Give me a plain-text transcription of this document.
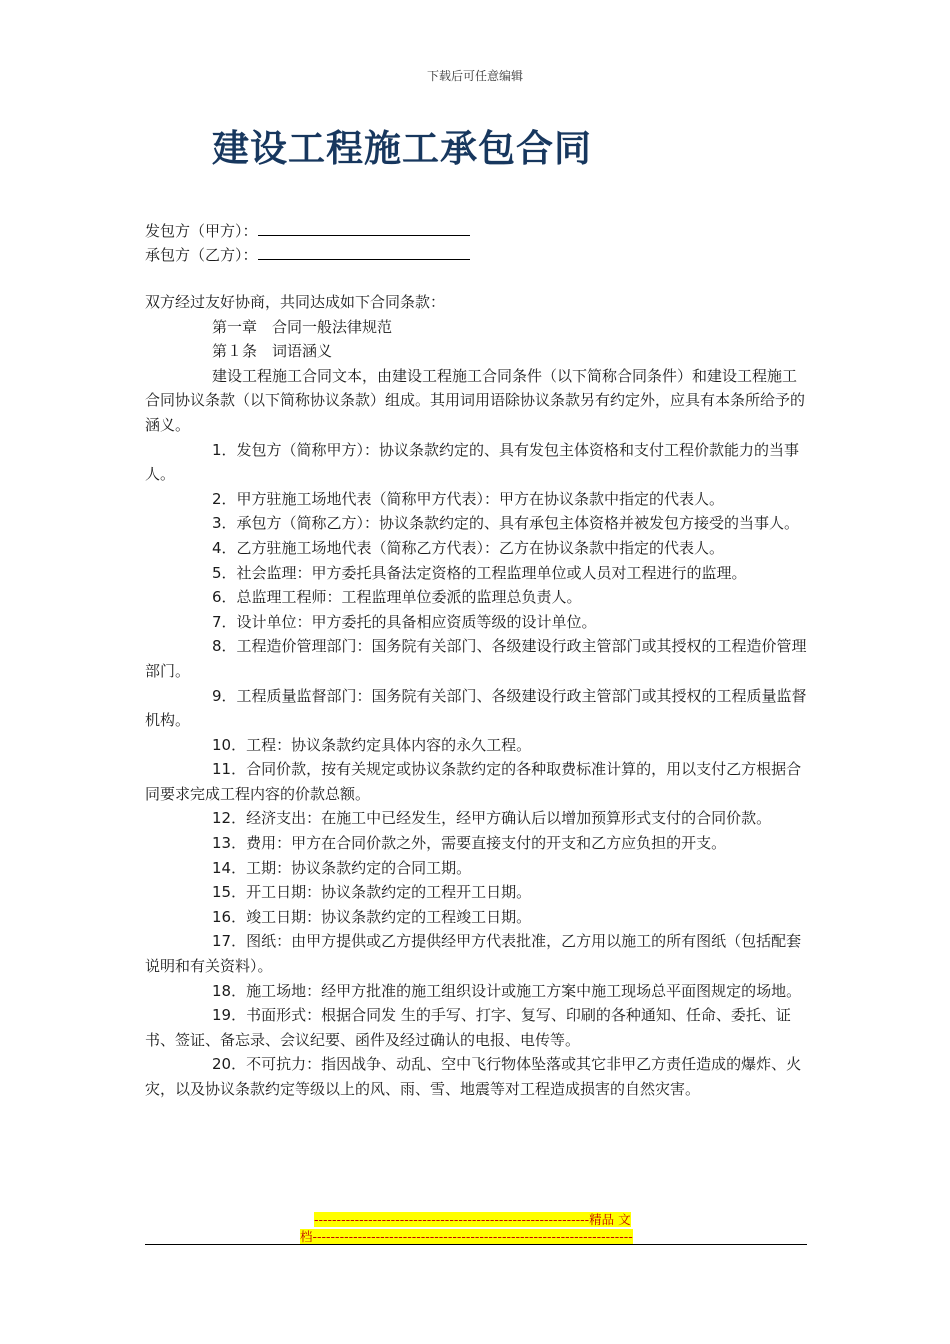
下载后可任意编辑
建设工程施工承包合同
发包方（甲方）：
承包方（乙方）：

双方经过友好协商，共同达成如下合同条款：

第一章　合同一般法律规范

第１条　词语涵义

建设工程施工合同文本，由建设工程施工合同条件（以下简称合同条件）和建设工程施工合同协议条款（以下简称协议条款）组成。其用词用语除协议条款另有约定外，应具有本条所给予的涵义。

1．发包方（简称甲方）：协议条款约定的、具有发包主体资格和支付工程价款能力的当事人。

2．甲方驻施工场地代表（简称甲方代表）：甲方在协议条款中指定的代表人。

3．承包方（简称乙方）：协议条款约定的、具有承包主体资格并被发包方接受的当事人。

4．乙方驻施工场地代表（简称乙方代表）：乙方在协议条款中指定的代表人。

5．社会监理：甲方委托具备法定资格的工程监理单位或人员对工程进行的监理。

6．总监理工程师：工程监理单位委派的监理总负责人。

7．设计单位：甲方委托的具备相应资质等级的设计单位。

8．工程造价管理部门：国务院有关部门、各级建设行政主管部门或其授权的工程造价管理部门。

9．工程质量监督部门：国务院有关部门、各级建设行政主管部门或其授权的工程质量监督机构。

10．工程：协议条款约定具体内容的永久工程。

11．合同价款，按有关规定或协议条款约定的各种取费标准计算的，用以支付乙方根据合同要求完成工程内容的价款总额。

12．经济支出：在施工中已经发生，经甲方确认后以增加预算形式支付的合同价款。

13．费用：甲方在合同价款之外，需要直接支付的开支和乙方应负担的开支。

14．工期：协议条款约定的合同工期。

15．开工日期：协议条款约定的工程开工日期。

16．竣工日期：协议条款约定的工程竣工日期。

17．图纸：由甲方提供或乙方提供经甲方代表批准，乙方用以施工的所有图纸（包括配套说明和有关资料）。

18．施工场地：经甲方批准的施工组织设计或施工方案中施工现场总平面图规定的场地。

19．书面形式：根据合同发 生的手写、打字、复写、印刷的各种通知、任命、委托、证书、签证、备忘录、会议纪要、函件及经过确认的电报、电传等。

20．不可抗力：指因战争、动乱、空中飞行物体坠落或其它非甲乙方责任造成的爆炸、火灾，以及协议条款约定等级以上的风、雨、雪、地震等对工程造成损害的自然灾害。

-------------------------------------------------------------精品 文
档-----------------------------------------------------------------------
